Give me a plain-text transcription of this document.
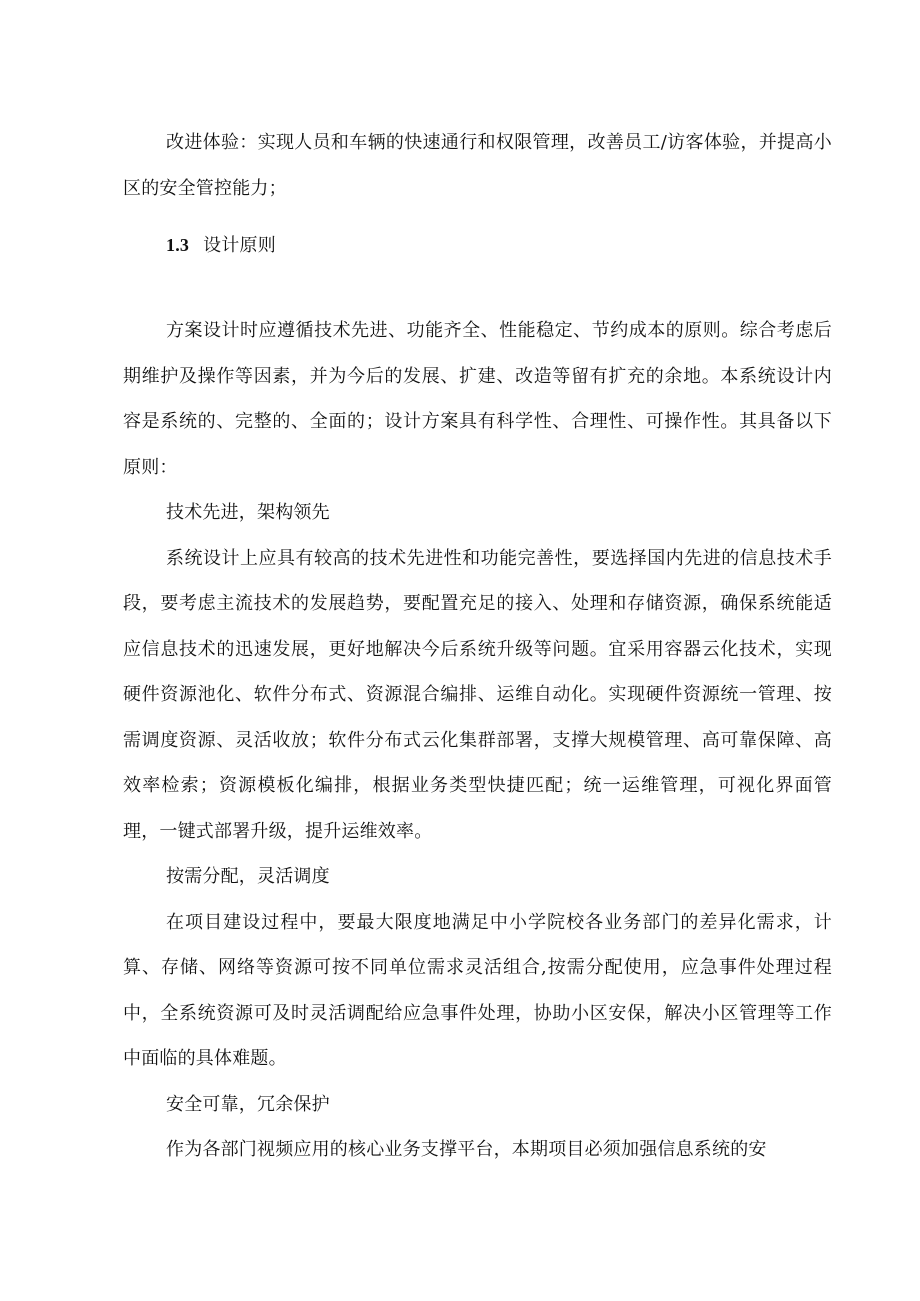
改进体验：实现人员和车辆的快速通行和权限管理，改善员工/访客体验，并提高小区的安全管控能力；

1.3 设计原则

方案设计时应遵循技术先进、功能齐全、性能稳定、节约成本的原则。综合考虑后期维护及操作等因素，并为今后的发展、扩建、改造等留有扩充的余地。本系统设计内容是系统的、完整的、全面的；设计方案具有科学性、合理性、可操作性。其具备以下原则：

技术先进，架构领先

系统设计上应具有较高的技术先进性和功能完善性，要选择国内先进的信息技术手段，要考虑主流技术的发展趋势，要配置充足的接入、处理和存储资源，确保系统能适应信息技术的迅速发展，更好地解决今后系统升级等问题。宜采用容器云化技术，实现硬件资源池化、软件分布式、资源混合编排、运维自动化。实现硬件资源统一管理、按需调度资源、灵活收放；软件分布式云化集群部署，支撑大规模管理、高可靠保障、高效率检索；资源模板化编排，根据业务类型快捷匹配；统一运维管理，可视化界面管理，一键式部署升级，提升运维效率。

按需分配，灵活调度

在项目建设过程中，要最大限度地满足中小学院校各业务部门的差异化需求，计算、存储、网络等资源可按不同单位需求灵活组合,按需分配使用，应急事件处理过程中，全系统资源可及时灵活调配给应急事件处理，协助小区安保，解决小区管理等工作中面临的具体难题。

安全可靠，冗余保护

作为各部门视频应用的核心业务支撑平台，本期项目必须加强信息系统的安
